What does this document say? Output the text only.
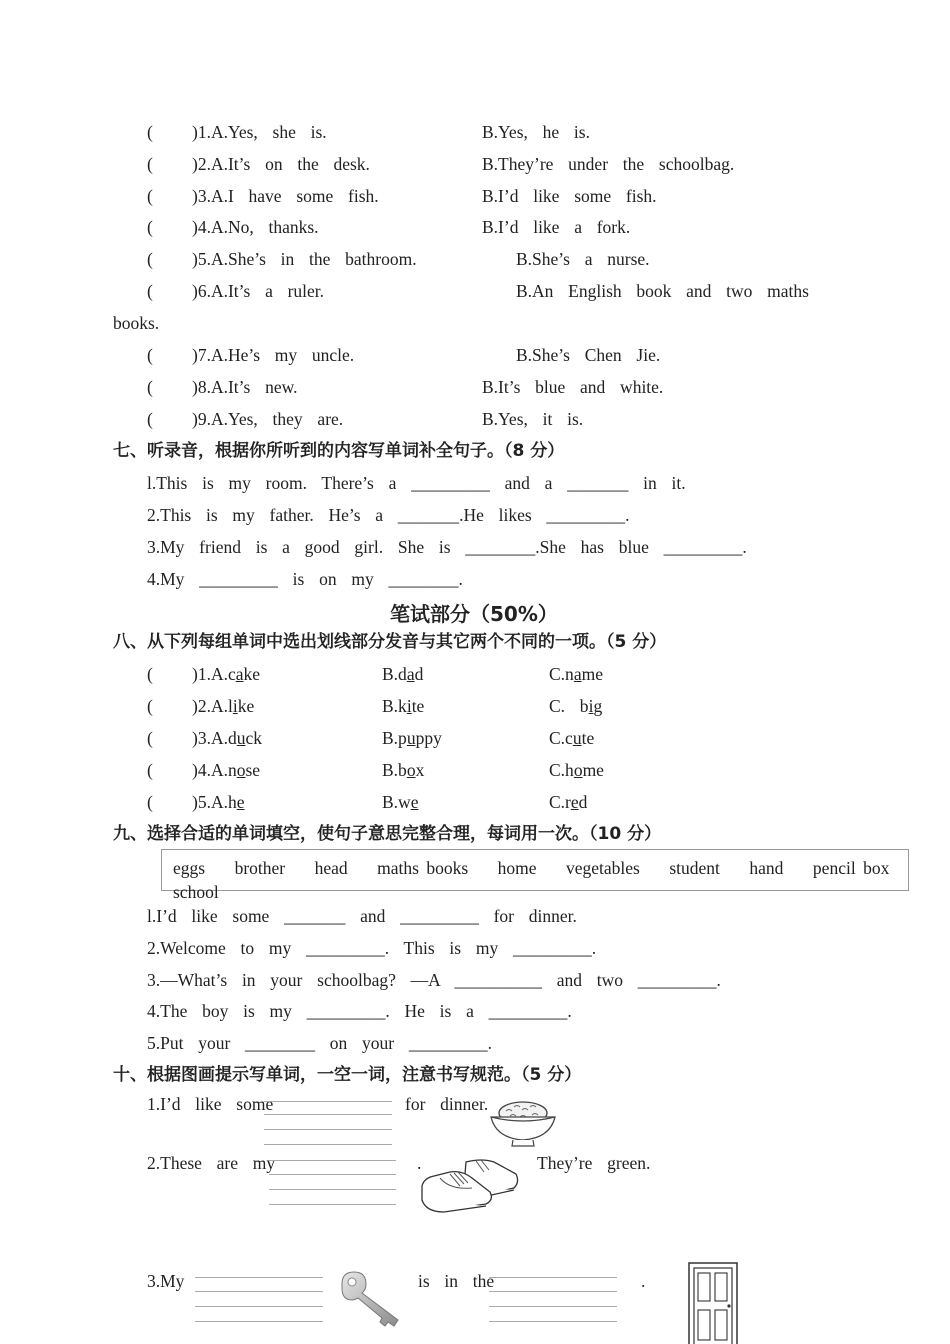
( )1.A.Yes,  she  is.	B.Yes,  he  is.
( )2.A.It’s  on  the  desk.	B.They’re  under  the  schoolbag.
( )3.A.I  have  some  fish.	B.I’d  like  some  fish.
( )4.A.No,  thanks.	B.I’d  like  a  fork.
( )5.A.She’s  in  the  bathroom.	B.She’s  a  nurse.
( )6.A.It’s  a  ruler.	B.An  English  book  and  two  maths
books.
( )7.A.He’s  my  uncle.	B.She’s  Chen  Jie.
( )8.A.It’s  new.	B.It’s  blue  and  white.
( )9.A.Yes,  they  are.	B.Yes,  it  is.
七、听录音，根据你所听到的内容写单词补全句子。（8 分）
l.This  is  my  room.  There’s  a  _________  and  a  _______  in  it.
2.This  is  my  father.  He’s  a  _______.He  likes  _________.
3.My  friend  is  a  good  girl.  She  is  ________.She  has  blue  _________.
4.My  _________  is  on  my  ________.
笔试部分（50%）
八、从下列每组单词中选出划线部分发音与其它两个不同的一项。（5 分）
( )1.A.cake	B.dad	C.name
( )2.A.like	B.kite	C.  big
( )3.A.duck	B.puppy	C.cute
( )4.A.nose	B.box	C.home
( )5.A.he	B.we	C.red
九、选择合适的单词填空，使句子意思完整合理，每词用一次。（10 分）
eggs    brother    head    maths books    home    vegetables    student    hand    pencil box
school
l.I’d  like  some  _______  and  _________  for  dinner.
2.Welcome  to  my  _________.  This  is  my  _________.
3.—What’s  in  your  schoolbag?  —A  __________  and  two  _________.
4.The  boy  is  my  _________.  He  is  a  _________.
5.Put  your  ________  on  your  _________.
十、根据图画提示写单词，一空一词，注意书写规范。（5 分）
1.I’d  like  some	for  dinner.
2.These  are  my	.	They’re  green.
3.My	is  in  the	.
